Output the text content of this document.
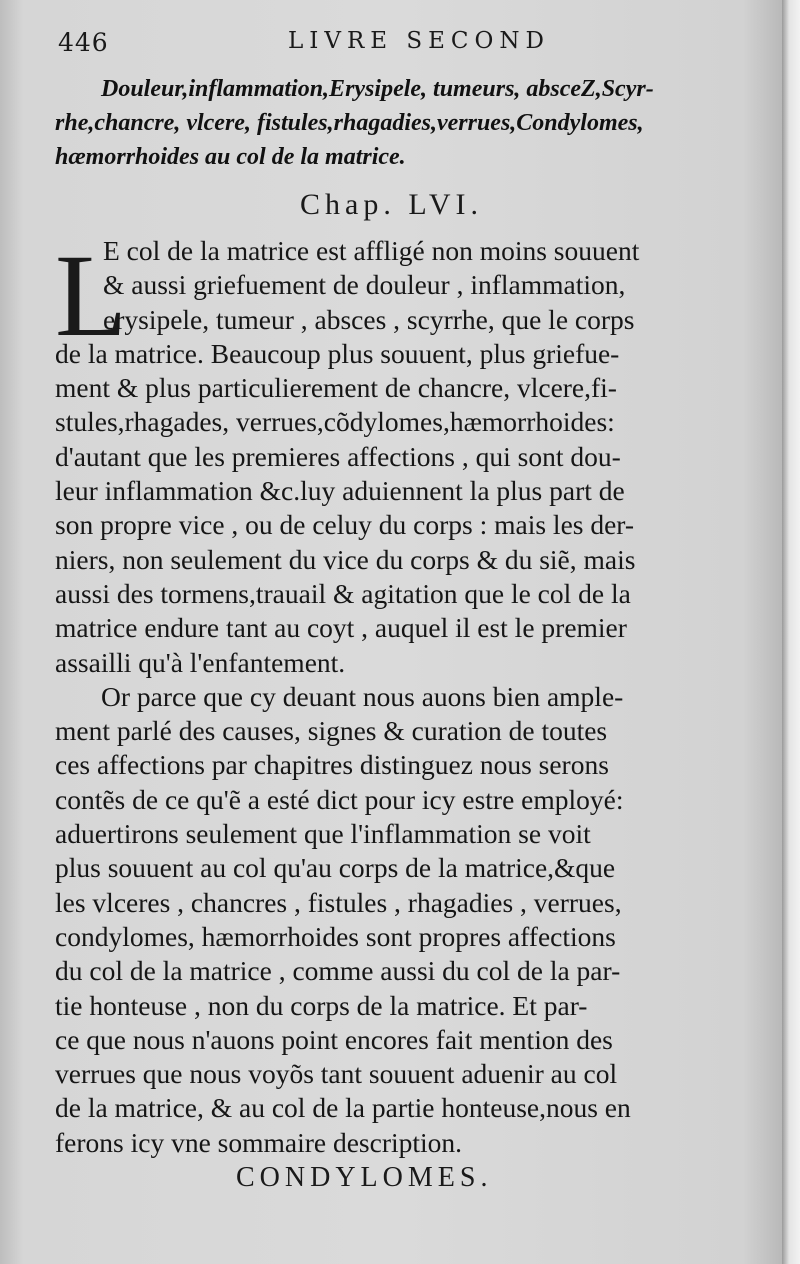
446	LIVRE SECOND

Douleur,inflammation,Erysipele, tumeurs, absceZ,Scyr-

rhe,chancre, vlcere, fistules,rhagadies,verrues,Condylomes,

hæmorrhoides au col de la matrice.

Chap. LVI.
L
E col de la matrice est affligé non moins souuent
& aussi griefuement de douleur , inflammation,
erysipele, tumeur , absces , scyrrhe, que le corps
de la matrice. Beaucoup plus souuent, plus griefue-
ment & plus particulierement de chancre, vlcere,fi-
stules,rhagades, verrues,cõdylomes,hæmorrhoides:
d'autant que les premieres affections , qui sont dou-
leur inflammation &c.luy aduiennent la plus part de
son propre vice , ou de celuy du corps : mais les der-
niers, non seulement du vice du corps & du siẽ, mais
aussi des tormens,trauail & agitation que le col de la
matrice endure tant au coyt , auquel il est le premier
assailli qu'à l'enfantement.
Or parce que cy deuant nous auons bien ample-
ment parlé des causes, signes & curation de toutes
ces affections par chapitres distinguez nous serons
contẽs de ce qu'ẽ a esté dict pour icy estre employé:
aduertirons seulement que l'inflammation se voit
plus souuent au col qu'au corps de la matrice,&que
les vlceres , chancres , fistules , rhagadies , verrues,
condylomes, hæmorrhoides sont propres affections
du col de la matrice , comme aussi du col de la par-
tie honteuse , non du corps de la matrice. Et par-
ce que nous n'auons point encores fait mention des
verrues que nous voyõs tant souuent aduenir au col
de la matrice, & au col de la partie honteuse,nous en
ferons icy vne sommaire description.
CONDYLOMES.
